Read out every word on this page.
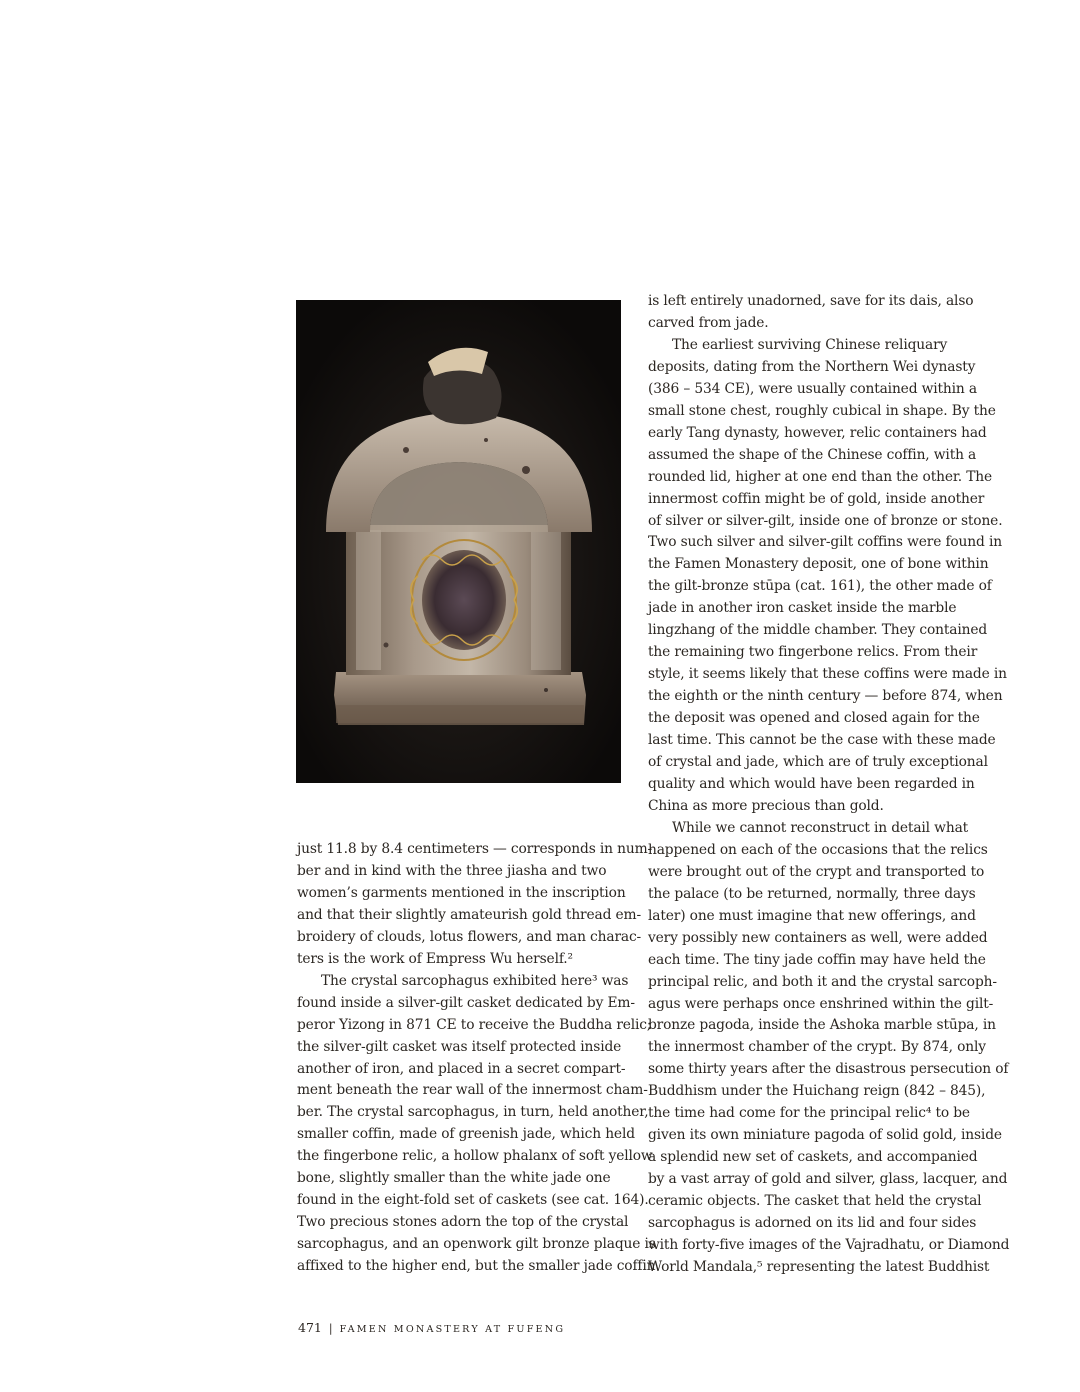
just 11.8 by 8.4 centimeters — corresponds in num-
ber and in kind with the three jiasha and two
women’s garments mentioned in the inscription
and that their slightly amateurish gold thread em-
broidery of clouds, lotus flowers, and man charac-
ters is the work of Empress Wu herself.²
The crystal sarcophagus exhibited here³ was
found inside a silver-gilt casket dedicated by Em-
peror Yizong in 871 CE to receive the Buddha relic;
the silver-gilt casket was itself protected inside
another of iron, and placed in a secret compart-
ment beneath the rear wall of the innermost cham-
ber. The crystal sarcophagus, in turn, held another,
smaller coffin, made of greenish jade, which held
the fingerbone relic, a hollow phalanx of soft yellow
bone, slightly smaller than the white jade one
found in the eight-fold set of caskets (see cat. 164).
Two precious stones adorn the top of the crystal
sarcophagus, and an openwork gilt bronze plaque is
affixed to the higher end, but the smaller jade coffin
is left entirely unadorned, save for its dais, also
carved from jade.
The earliest surviving Chinese reliquary
deposits, dating from the Northern Wei dynasty
(386 – 534 CE), were usually contained within a
small stone chest, roughly cubical in shape. By the
early Tang dynasty, however, relic containers had
assumed the shape of the Chinese coffin, with a
rounded lid, higher at one end than the other. The
innermost coffin might be of gold, inside another
of silver or silver-gilt, inside one of bronze or stone.
Two such silver and silver-gilt coffins were found in
the Famen Monastery deposit, one of bone within
the gilt-bronze stūpa (cat. 161), the other made of
jade in another iron casket inside the marble
lingzhang of the middle chamber. They contained
the remaining two fingerbone relics. From their
style, it seems likely that these coffins were made in
the eighth or the ninth century — before 874, when
the deposit was opened and closed again for the
last time. This cannot be the case with these made
of crystal and jade, which are of truly exceptional
quality and which would have been regarded in
China as more precious than gold.
While we cannot reconstruct in detail what
happened on each of the occasions that the relics
were brought out of the crypt and transported to
the palace (to be returned, normally, three days
later) one must imagine that new offerings, and
very possibly new containers as well, were added
each time. The tiny jade coffin may have held the
principal relic, and both it and the crystal sarcoph-
agus were perhaps once enshrined within the gilt-
bronze pagoda, inside the Ashoka marble stūpa, in
the innermost chamber of the crypt. By 874, only
some thirty years after the disastrous persecution of
Buddhism under the Huichang reign (842 – 845),
the time had come for the principal relic⁴ to be
given its own miniature pagoda of solid gold, inside
a splendid new set of caskets, and accompanied
by a vast array of gold and silver, glass, lacquer, and
ceramic objects. The casket that held the crystal
sarcophagus is adorned on its lid and four sides
with forty-five images of the Vajradhatu, or Diamond
World Mandala,⁵ representing the latest Buddhist
471 | FAMEN MONASTERY AT FUFENG
